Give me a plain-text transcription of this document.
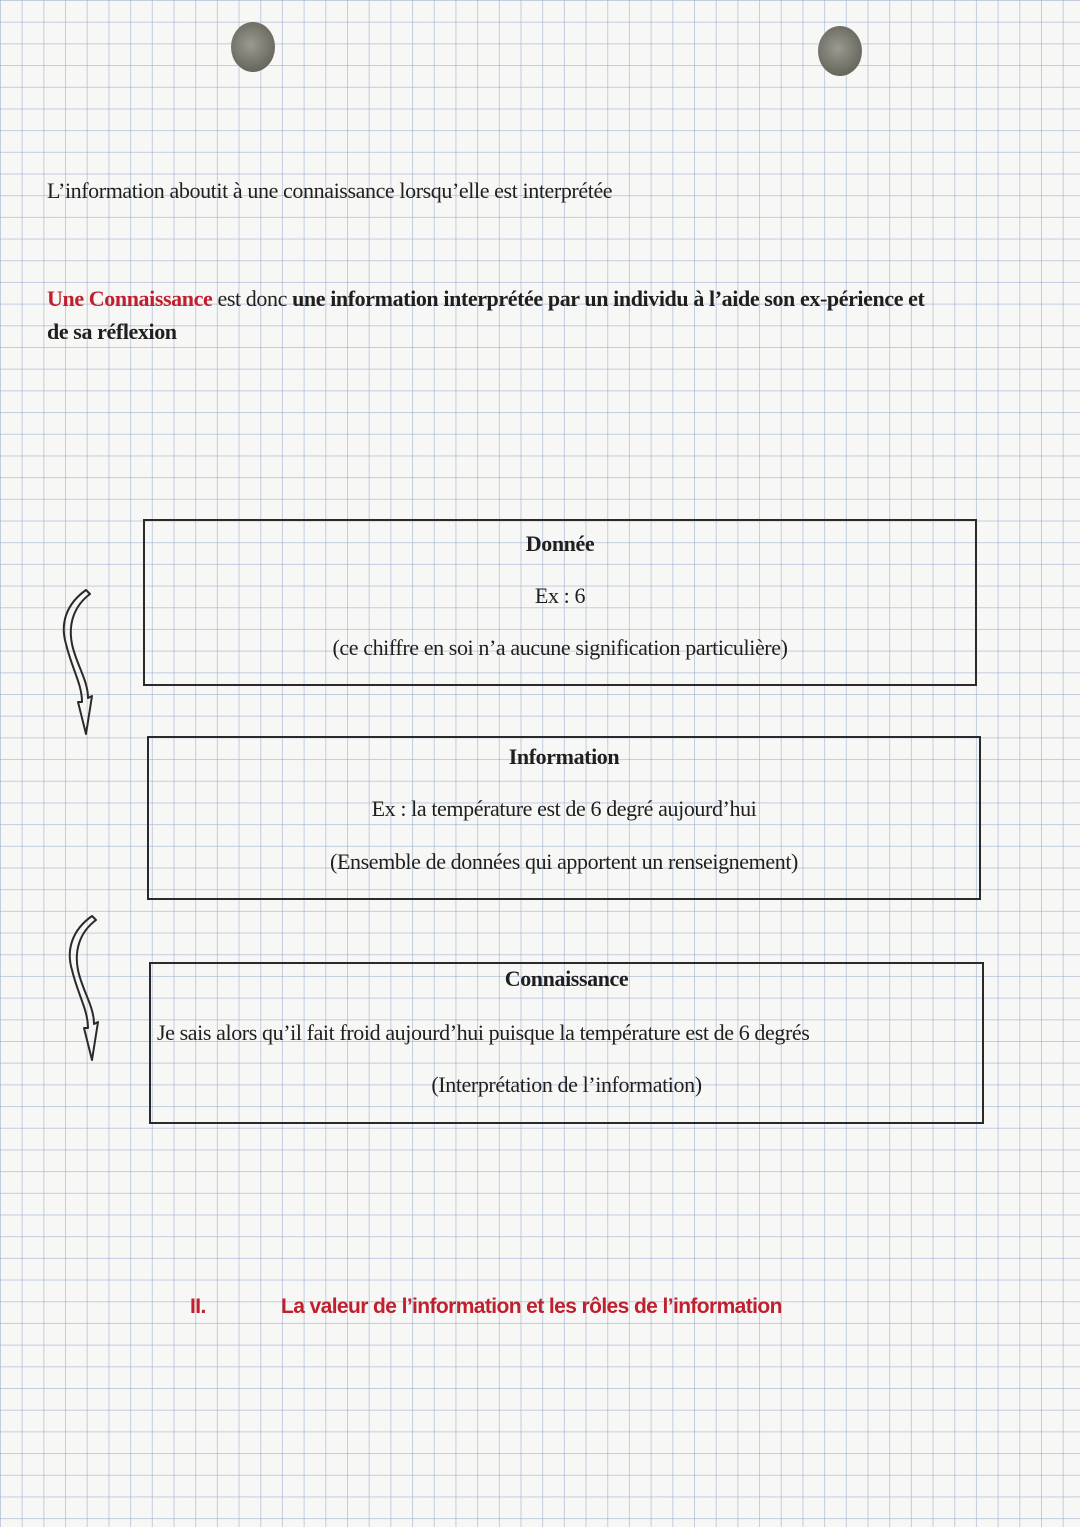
L’information aboutit à une connaissance lorsqu’elle est interprétée
Une Connaissance est donc une information interprétée par un individu à l’aide son ex-périence et de sa réflexion
Donnée
Ex : 6
(ce chiffre en soi n’a aucune signification particulière)
Information
Ex : la température est de 6 degré aujourd’hui
(Ensemble de données qui apportent un renseignement)
Connaissance
Je sais alors qu’il fait froid aujourd’hui puisque la température est de 6 degrés
(Interprétation de l’information)
II.	La valeur de l’information et les rôles de l’information
